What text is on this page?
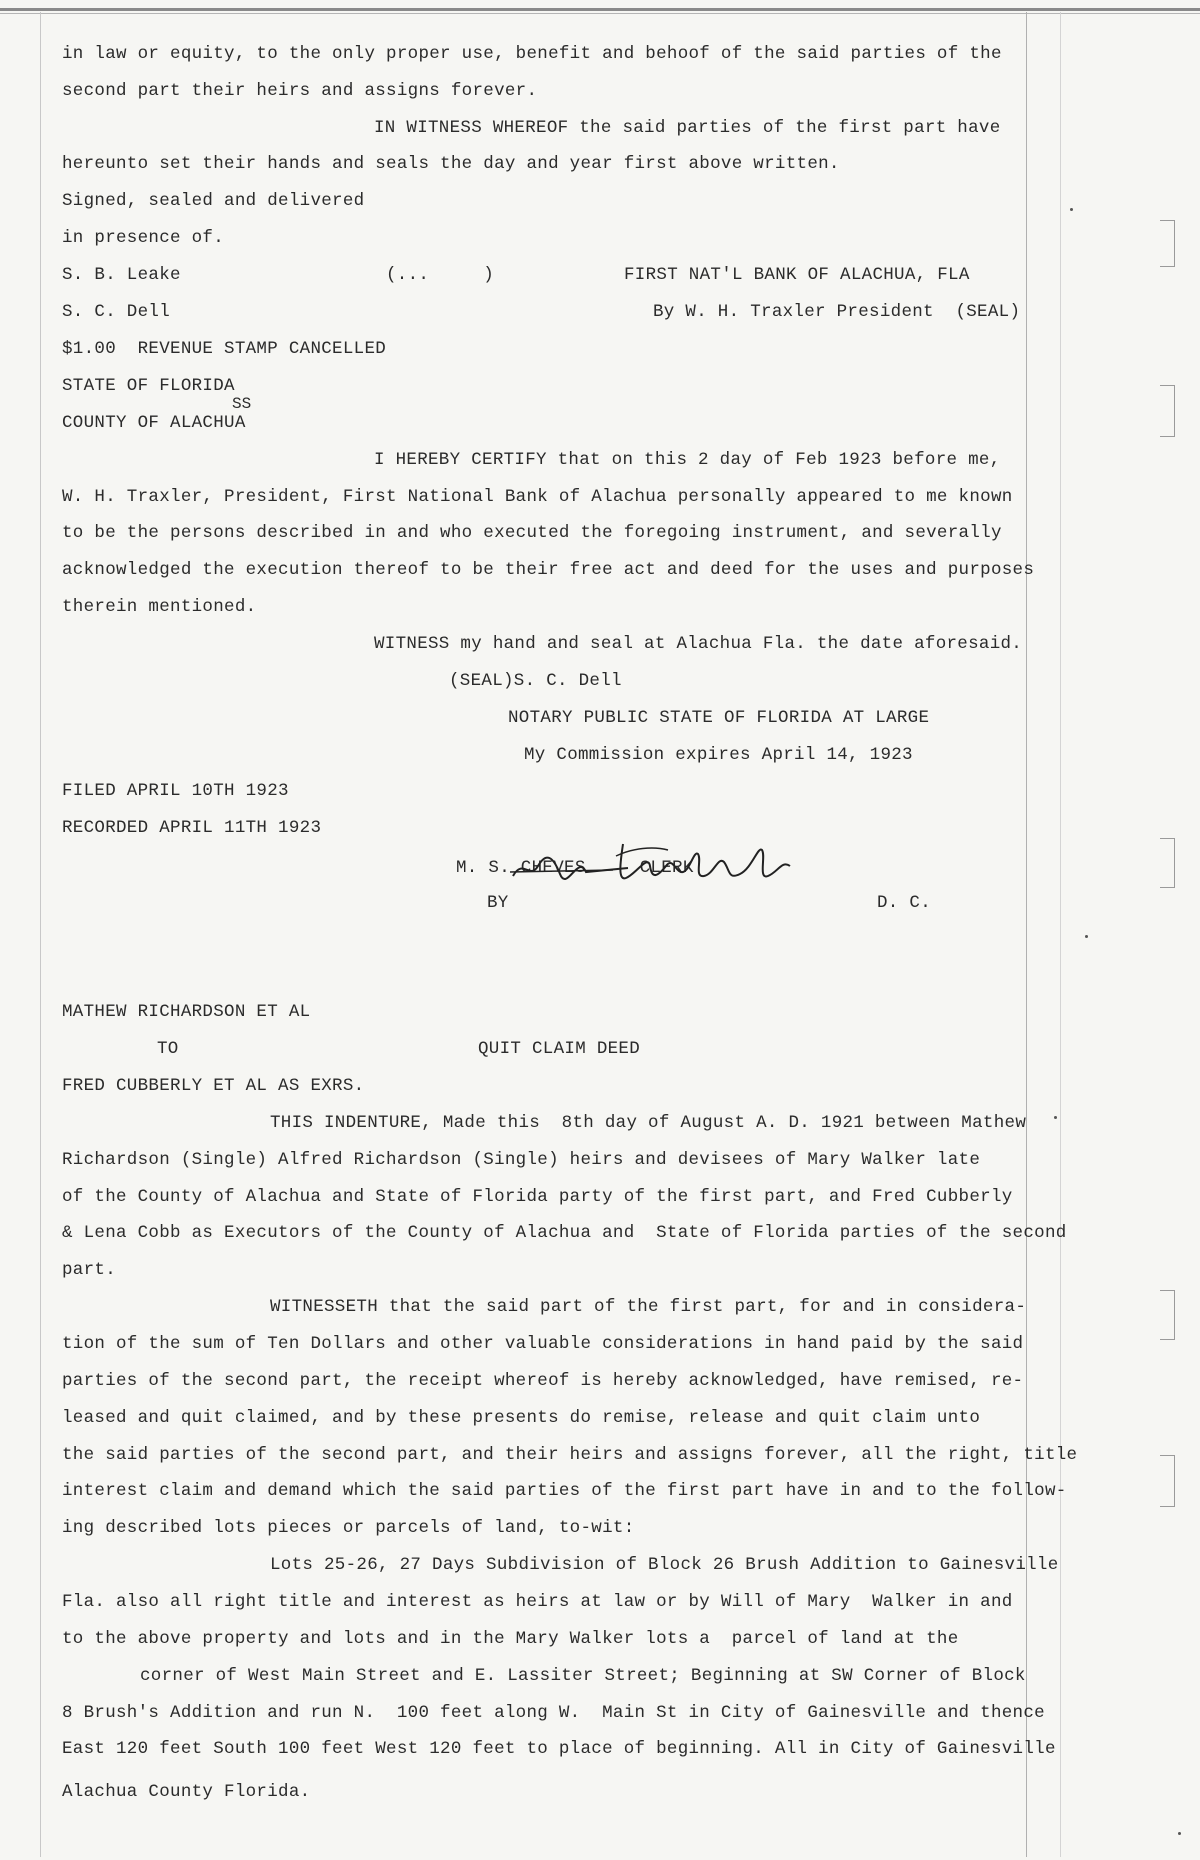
in law or equity, to the only proper use, benefit and behoof of the said parties of the
second part their heirs and assigns forever.
IN WITNESS WHEREOF the said parties of the first part have
hereunto set their hands and seals the day and year first above written.
Signed, sealed and delivered
in presence of.
S. B. Leake	(...     )	FIRST NAT'L BANK OF ALACHUA, FLA
S. C. Dell	By W. H. Traxler President  (SEAL)
$1.00  REVENUE STAMP CANCELLED
STATE OF FLORIDA
SS
COUNTY OF ALACHUA
I HEREBY CERTIFY that on this 2 day of Feb 1923 before me,
W. H. Traxler, President, First National Bank of Alachua personally appeared to me known
to be the persons described in and who executed the foregoing instrument, and severally
acknowledged the execution thereof to be their free act and deed for the uses and purposes
therein mentioned.
WITNESS my hand and seal at Alachua Fla. the date aforesaid.
(SEAL)S. C. Dell
NOTARY PUBLIC STATE OF FLORIDA AT LARGE
My Commission expires April 14, 1923
FILED APRIL 10TH 1923
RECORDED APRIL 11TH 1923
M. S. CHEVES     CLERK
BY	D. C.
MATHEW RICHARDSON ET AL
TO	QUIT CLAIM DEED
FRED CUBBERLY ET AL AS EXRS.
THIS INDENTURE, Made this  8th day of August A. D. 1921 between Mathew
Richardson (Single) Alfred Richardson (Single) heirs and devisees of Mary Walker late
of the County of Alachua and State of Florida party of the first part, and Fred Cubberly
& Lena Cobb as Executors of the County of Alachua and  State of Florida parties of the second
part.
WITNESSETH that the said part of the first part, for and in considera-
tion of the sum of Ten Dollars and other valuable considerations in hand paid by the said
parties of the second part, the receipt whereof is hereby acknowledged, have remised, re-
leased and quit claimed, and by these presents do remise, release and quit claim unto
the said parties of the second part, and their heirs and assigns forever, all the right, title
interest claim and demand which the said parties of the first part have in and to the follow-
ing described lots pieces or parcels of land, to-wit:
Lots 25-26, 27 Days Subdivision of Block 26 Brush Addition to Gainesville
Fla. also all right title and interest as heirs at law or by Will of Mary  Walker in and
to the above property and lots and in the Mary Walker lots a  parcel of land at the
corner of West Main Street and E. Lassiter Street; Beginning at SW Corner of Block
8 Brush's Addition and run N.  100 feet along W.  Main St in City of Gainesville and thence
East 120 feet South 100 feet West 120 feet to place of beginning. All in City of Gainesville
Alachua County Florida.
